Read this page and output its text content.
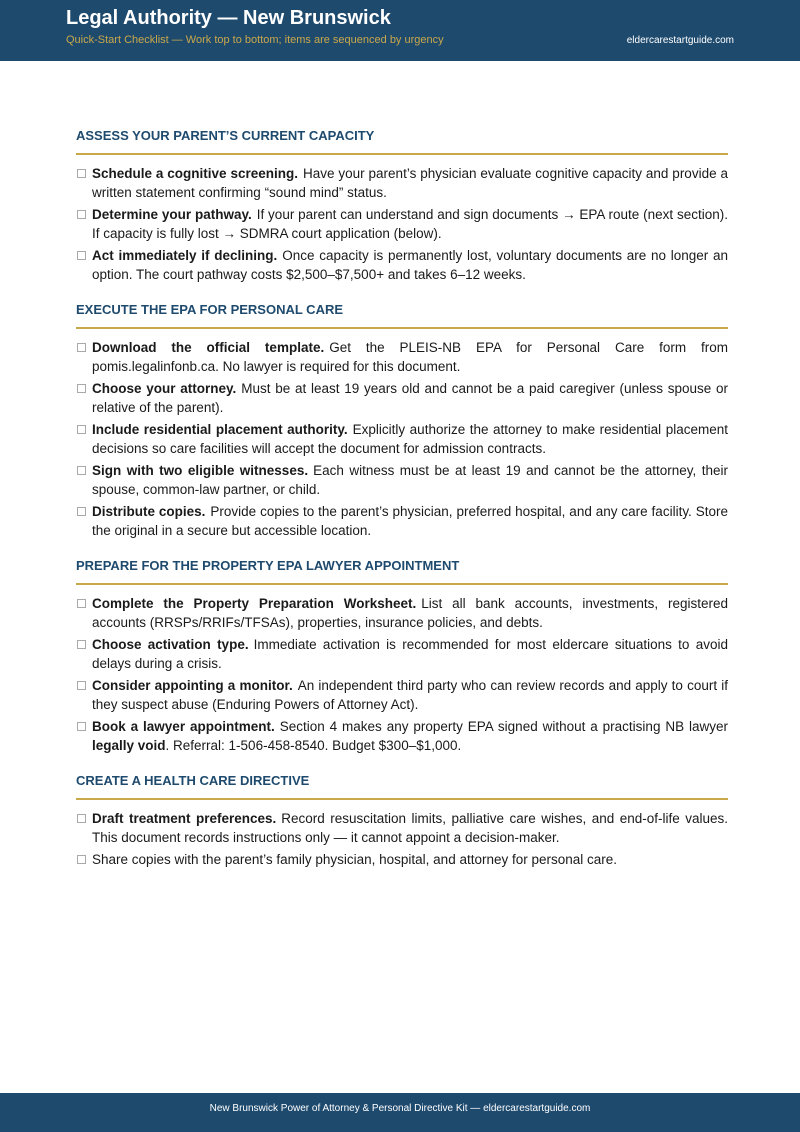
Legal Authority — New Brunswick
Quick-Start Checklist — Work top to bottom; items are sequenced by urgency	eldercarestartguide.com
ASSESS YOUR PARENT’S CURRENT CAPACITY
Schedule a cognitive screening. Have your parent’s physician evaluate cognitive capacity and provide a written statement confirming “sound mind” status.
Determine your pathway. If your parent can understand and sign documents → EPA route (next section). If capacity is fully lost → SDMRA court application (below).
Act immediately if declining. Once capacity is permanently lost, voluntary documents are no longer an option. The court pathway costs $2,500–$7,500+ and takes 6–12 weeks.
EXECUTE THE EPA FOR PERSONAL CARE
Download the official template. Get the PLEIS-NB EPA for Personal Care form from pomis.legalinfonb.ca. No lawyer is required for this document.
Choose your attorney. Must be at least 19 years old and cannot be a paid caregiver (unless spouse or relative of the parent).
Include residential placement authority. Explicitly authorize the attorney to make residential placement decisions so care facilities will accept the document for admission contracts.
Sign with two eligible witnesses. Each witness must be at least 19 and cannot be the attorney, their spouse, common-law partner, or child.
Distribute copies. Provide copies to the parent’s physician, preferred hospital, and any care facility. Store the original in a secure but accessible location.
PREPARE FOR THE PROPERTY EPA LAWYER APPOINTMENT
Complete the Property Preparation Worksheet. List all bank accounts, investments, registered accounts (RRSPs/RRIFs/TFSAs), properties, insurance policies, and debts.
Choose activation type. Immediate activation is recommended for most eldercare situations to avoid delays during a crisis.
Consider appointing a monitor. An independent third party who can review records and apply to court if they suspect abuse (Enduring Powers of Attorney Act).
Book a lawyer appointment. Section 4 makes any property EPA signed without a practising NB lawyer legally void. Referral: 1-506-458-8540. Budget $300–$1,000.
CREATE A HEALTH CARE DIRECTIVE
Draft treatment preferences. Record resuscitation limits, palliative care wishes, and end-of-life values. This document records instructions only — it cannot appoint a decision-maker.
Share copies with the parent’s family physician, hospital, and attorney for personal care.
New Brunswick Power of Attorney & Personal Directive Kit — eldercarestartguide.com
